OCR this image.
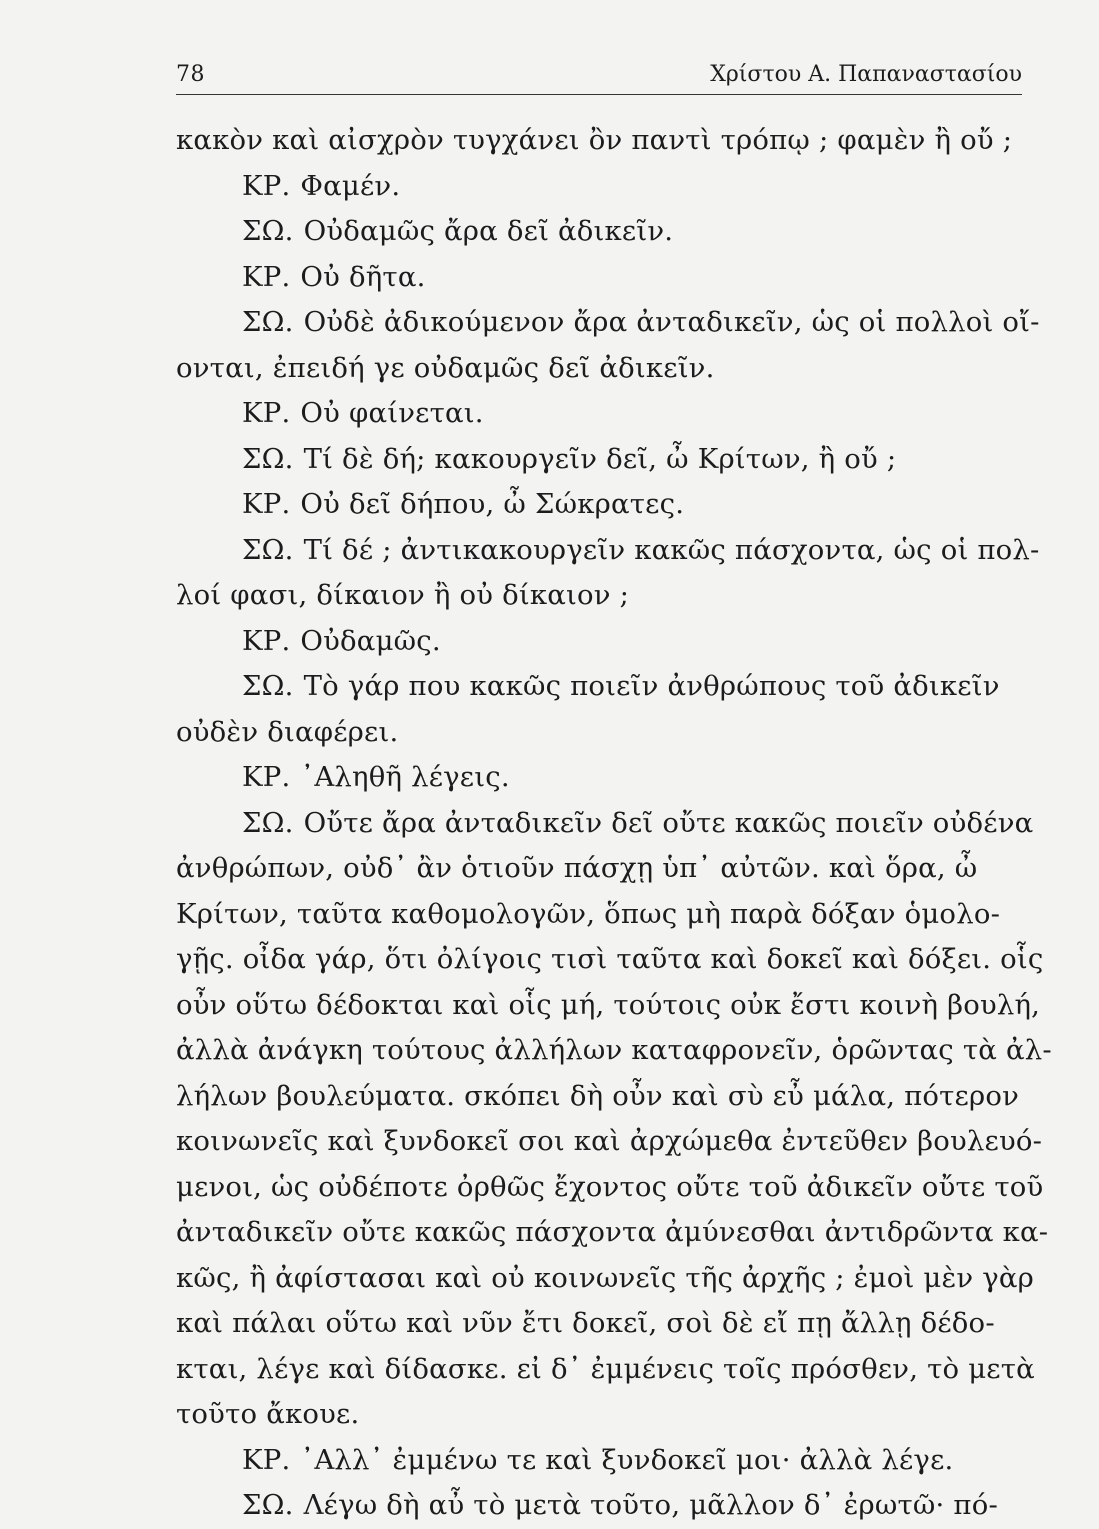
78	Χρίστου Α. Παπαναστασίου
κακὸν καὶ αἰσχρὸν τυγχάνει ὂν παντὶ τρόπῳ ; φαμὲν ἢ οὔ ;
ΚΡ. Φαμέν.
ΣΩ. Οὐδαμῶς ἄρα δεῖ ἀδικεῖν.
ΚΡ. Οὐ δῆτα.
ΣΩ. Οὐδὲ ἀδικούμενον ἄρα ἀνταδικεῖν, ὡς οἱ πολλοὶ οἴ-
ονται, ἐπειδή γε οὐδαμῶς δεῖ ἀδικεῖν.
ΚΡ. Οὐ φαίνεται.
ΣΩ. Τί δὲ δή; κακουργεῖν δεῖ, ὦ Κρίτων, ἢ οὔ ;
ΚΡ. Οὐ δεῖ δήπου, ὦ Σώκρατες.
ΣΩ. Τί δέ ; ἀντικακουργεῖν κακῶς πάσχοντα, ὡς οἱ πολ-
λοί φασι, δίκαιον ἢ οὐ δίκαιον ;
ΚΡ. Οὐδαμῶς.
ΣΩ. Τὸ γάρ που κακῶς ποιεῖν ἀνθρώπους τοῦ ἀδικεῖν
οὐδὲν διαφέρει.
ΚΡ. ᾽Αληθῆ λέγεις.
ΣΩ. Οὔτε ἄρα ἀνταδικεῖν δεῖ οὔτε κακῶς ποιεῖν οὐδένα
ἀνθρώπων, οὐδ᾽ ἂν ὁτιοῦν πάσχῃ ὑπ᾽ αὐτῶν. καὶ ὅρα, ὦ
Κρίτων, ταῦτα καθομολογῶν, ὅπως μὴ παρὰ δόξαν ὁμολο-
γῇς. οἶδα γάρ, ὅτι ὀλίγοις τισὶ ταῦτα καὶ δοκεῖ καὶ δόξει. οἷς
οὖν οὕτω δέδοκται καὶ οἷς μή, τούτοις οὐκ ἔστι κοινὴ βουλή,
ἀλλὰ ἀνάγκη τούτους ἀλλήλων καταφρονεῖν, ὁρῶντας τὰ ἀλ-
λήλων βουλεύματα. σκόπει δὴ οὖν καὶ σὺ εὖ μάλα, πότερον
κοινωνεῖς καὶ ξυνδοκεῖ σοι καὶ ἀρχώμεθα ἐντεῦθεν βουλευό-
μενοι, ὡς οὐδέποτε ὀρθῶς ἔχοντος οὔτε τοῦ ἀδικεῖν οὔτε τοῦ
ἀνταδικεῖν οὔτε κακῶς πάσχοντα ἀμύνεσθαι ἀντιδρῶντα κα-
κῶς, ἢ ἀφίστασαι καὶ οὐ κοινωνεῖς τῆς ἀρχῆς ; ἐμοὶ μὲν γὰρ
καὶ πάλαι οὕτω καὶ νῦν ἔτι δοκεῖ, σοὶ δὲ εἴ πῃ ἄλλῃ δέδο-
κται, λέγε καὶ δίδασκε. εἰ δ᾽ ἐμμένεις τοῖς πρόσθεν, τὸ μετὰ
τοῦτο ἄκουε.
ΚΡ. ᾽Αλλ᾽ ἐμμένω τε καὶ ξυνδοκεῖ μοι· ἀλλὰ λέγε.
ΣΩ. Λέγω δὴ αὖ τὸ μετὰ τοῦτο, μᾶλλον δ᾽ ἐρωτῶ· πό-
